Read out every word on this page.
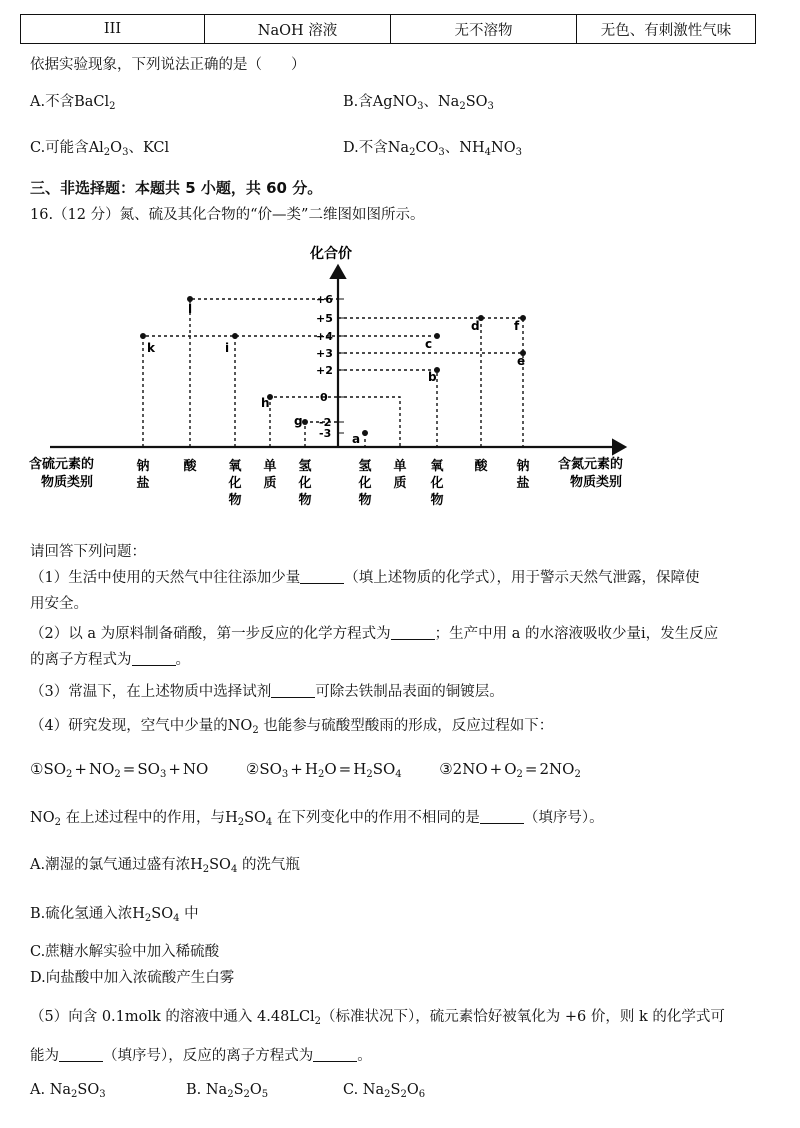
III	NaOH 溶液	无不溶物	无色、有刺激性气味
依据实验现象，下列说法正确的是（　　）
A.不含BaCl$_2$	B.含AgNO$_3$、$Na_2SO_3$
C.可能含$Al_2O_3$、KCl	D.不含$Na_2CO_3$、$NH_4NO_3$
三、非选择题：本题共 5 小题，共 60 分。
16.（12 分）氮、硫及其化合物的“价—类”二维图如图所示。
化合价
+6
+5
+4
+3
+2
0
-2
-3
l
k	i
h
g
a
b
c
d
e
f
含硫元素的
物质类别
含氮元素的
物质类别
钠
盐
酸 氧
化
物
单
质
氢
化
物
氢
化
物
单
质
氧
化
物
酸 钠
盐
请回答下列问题：
（1）生活中使用的天然气中往往添加少量	（填上述物质的化学式），用于警示天然气泄露，保障使
用安全。
（2）以 a 为原料制备硝酸，第一步反应的化学方程式为	；生产中用 a 的水溶液吸收少量i，发生反应
的离子方程式为	。
（3）常温下，在上述物质中选择试剂	可除去铁制品表面的铜镀层。
（4）研究发现，空气中少量的$NO_2$ 也能参与硫酸型酸雨的形成，反应过程如下：
$①SO_2 + NO_2 = SO_3$ + NO  $②SO_3 + H_2O = H_2SO_4$	③2NO + $O_2 = 2NO_2$
$NO_2$ 在上述过程中的作用，与$H_2SO_4$ 在下列变化中的作用不相同的是	（填序号）。
A.潮湿的氯气通过盛有浓$H_2SO_4$ 的洗气瓶
B.硫化氢通入浓$H_2SO_4$ 中
C.蔗糖水解实验中加入稀硫酸
D.向盐酸中加入浓硫酸产生白雾
（5）向含 0.1molk 的溶液中通入 4.48LCl$_2$（标准状况下），硫元素恰好被氧化为 +6 价，则 k 的化学式可
能为	（填序号），反应的离子方程式为	。
A. $Na_2SO_3$	B. $Na_2S_2O_5$	C. $Na_2S_2O_6$
